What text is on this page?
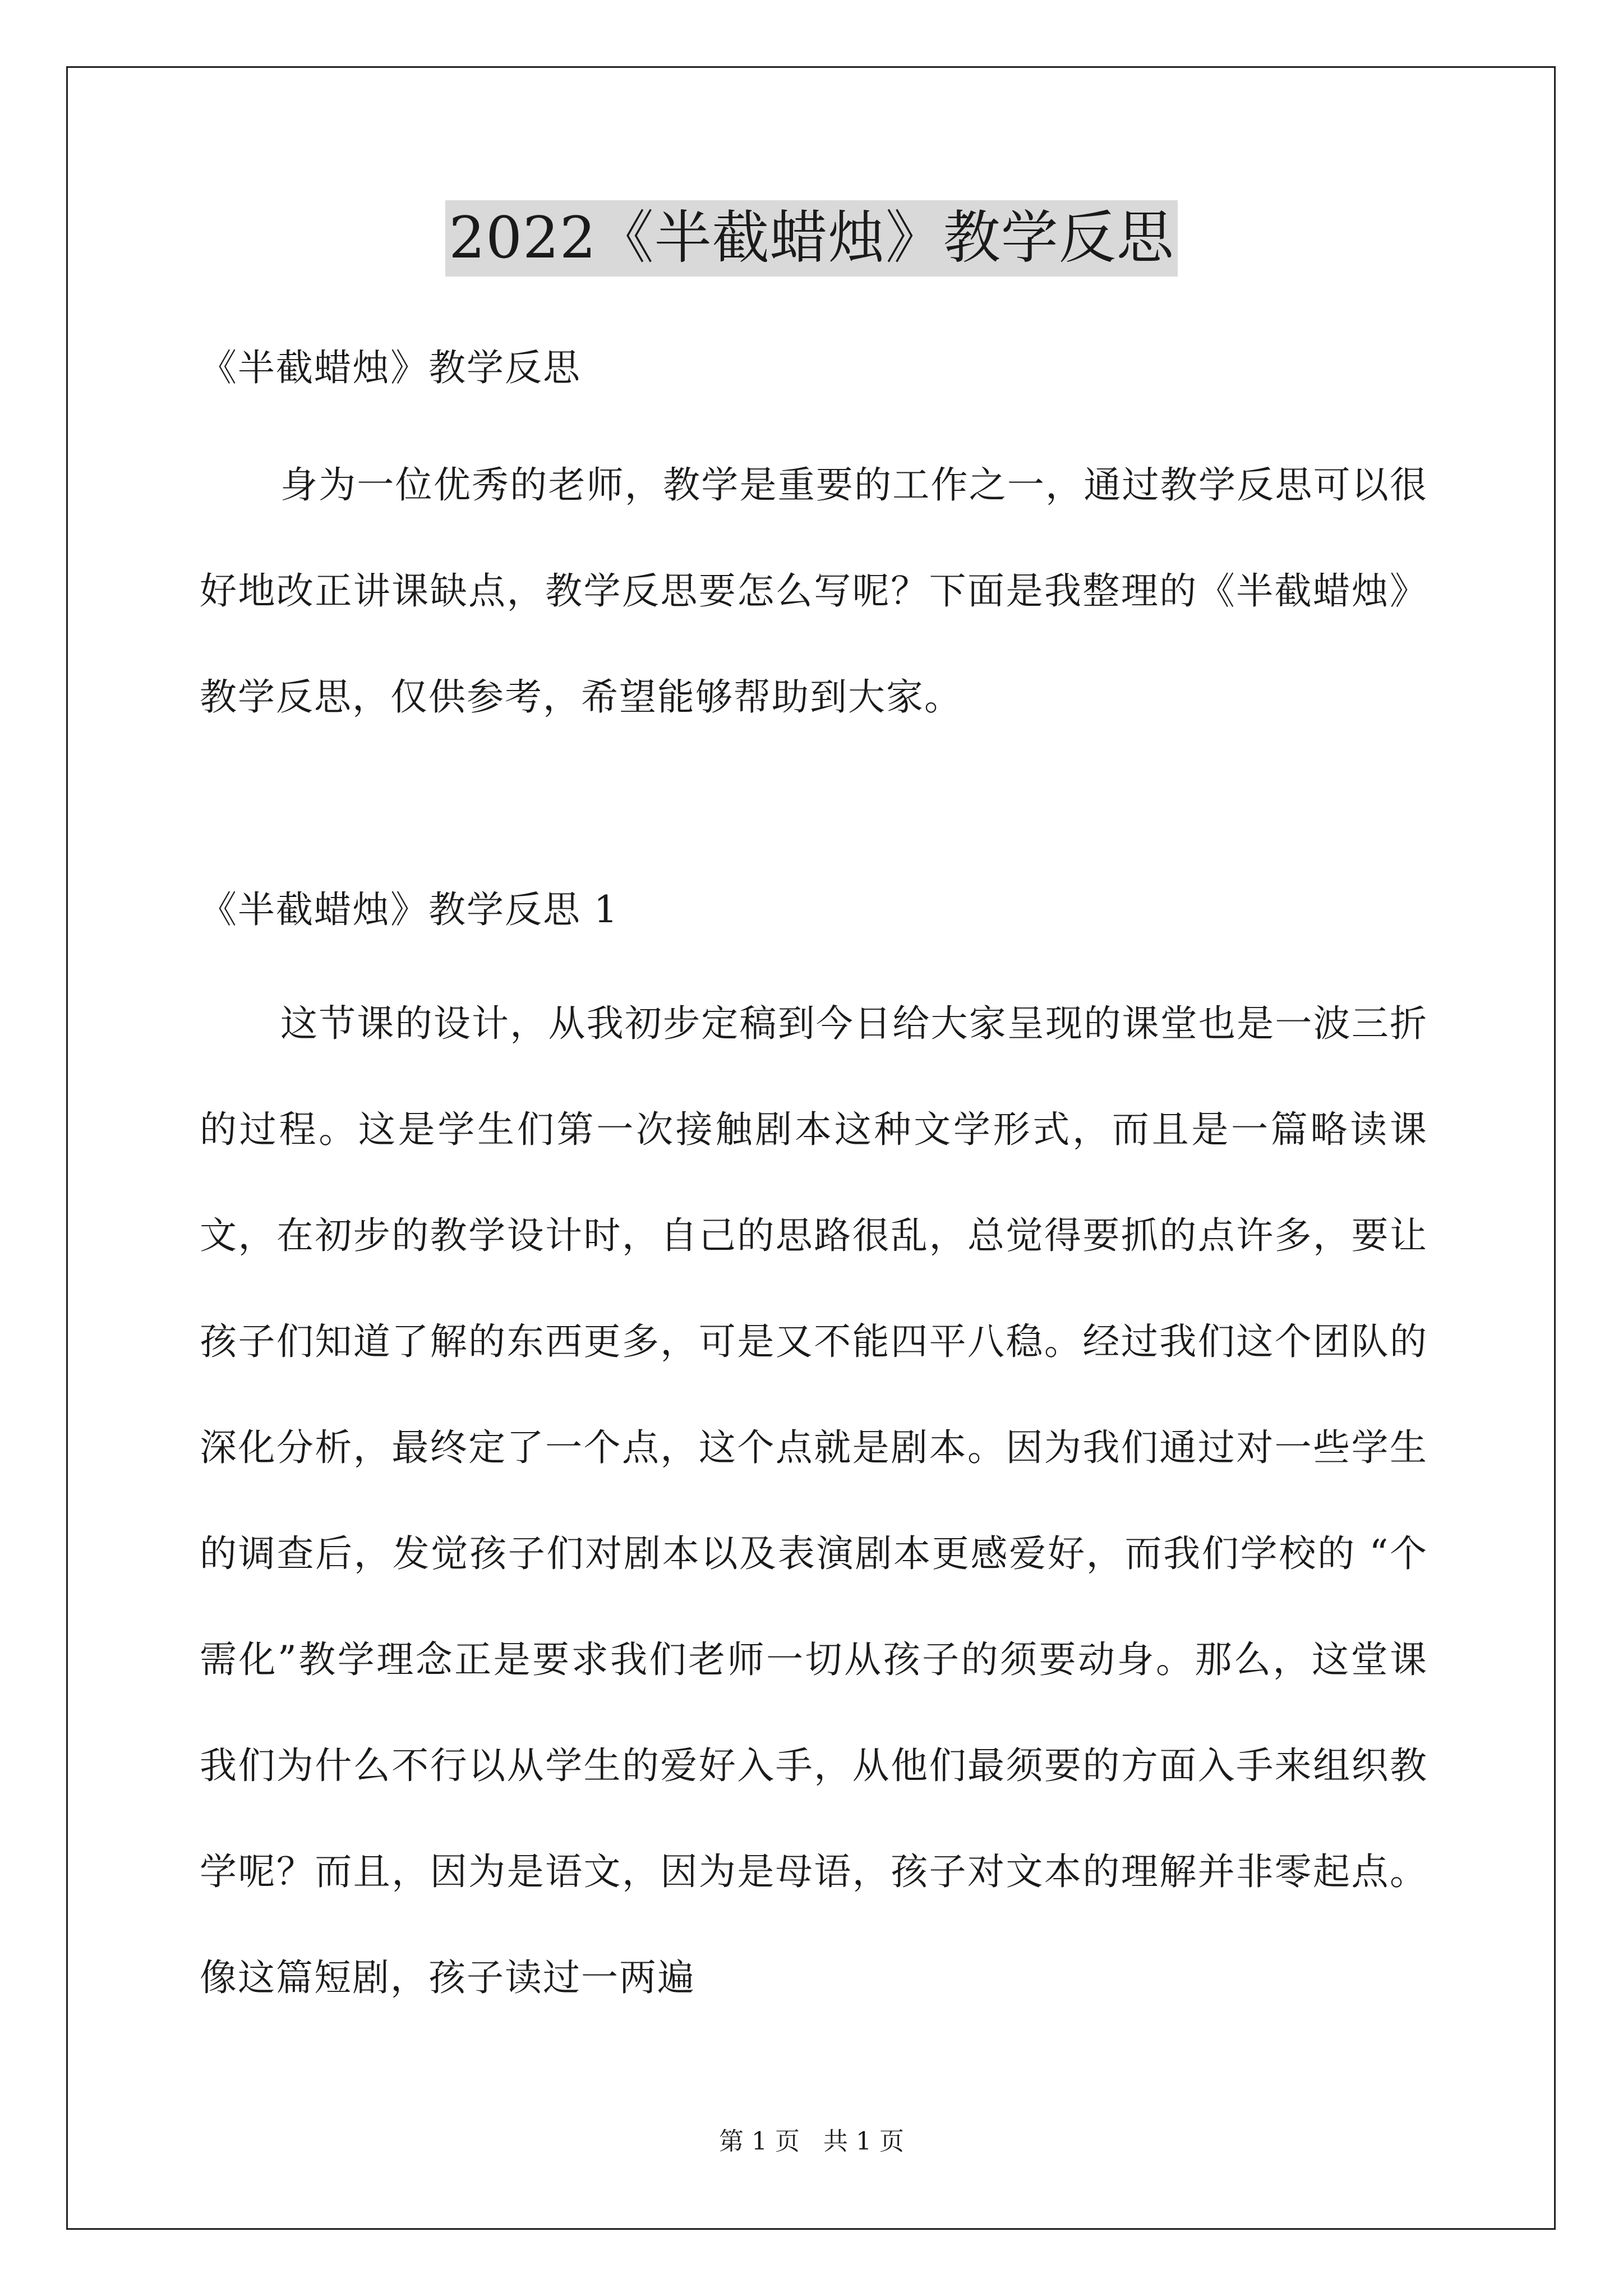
2022《半截蜡烛》教学反思
《半截蜡烛》教学反思

身为一位优秀的老师，教学是重要的工作之一，通过教学反思可以很好地改正讲课缺点，教学反思要怎么写呢？下面是我整理的《半截蜡烛》教学反思，仅供参考，希望能够帮助到大家。

《半截蜡烛》教学反思 1

这节课的设计，从我初步定稿到今日给大家呈现的课堂也是一波三折的过程。这是学生们第一次接触剧本这种文学形式，而且是一篇略读课文，在初步的教学设计时，自己的思路很乱，总觉得要抓的点许多，要让孩子们知道了解的东西更多，可是又不能四平八稳。经过我们这个团队的深化分析，最终定了一个点，这个点就是剧本。因为我们通过对一些学生的调查后，发觉孩子们对剧本以及表演剧本更感爱好，而我们学校的 “个需化”教学理念正是要求我们老师一切从孩子的须要动身。那么，这堂课我们为什么不行以从学生的爱好入手，从他们最须要的方面入手来组织教学呢？而且，因为是语文，因为是母语，孩子对文本的理解并非零起点。像这篇短剧，孩子读过一两遍

第 1 页 共 1 页
